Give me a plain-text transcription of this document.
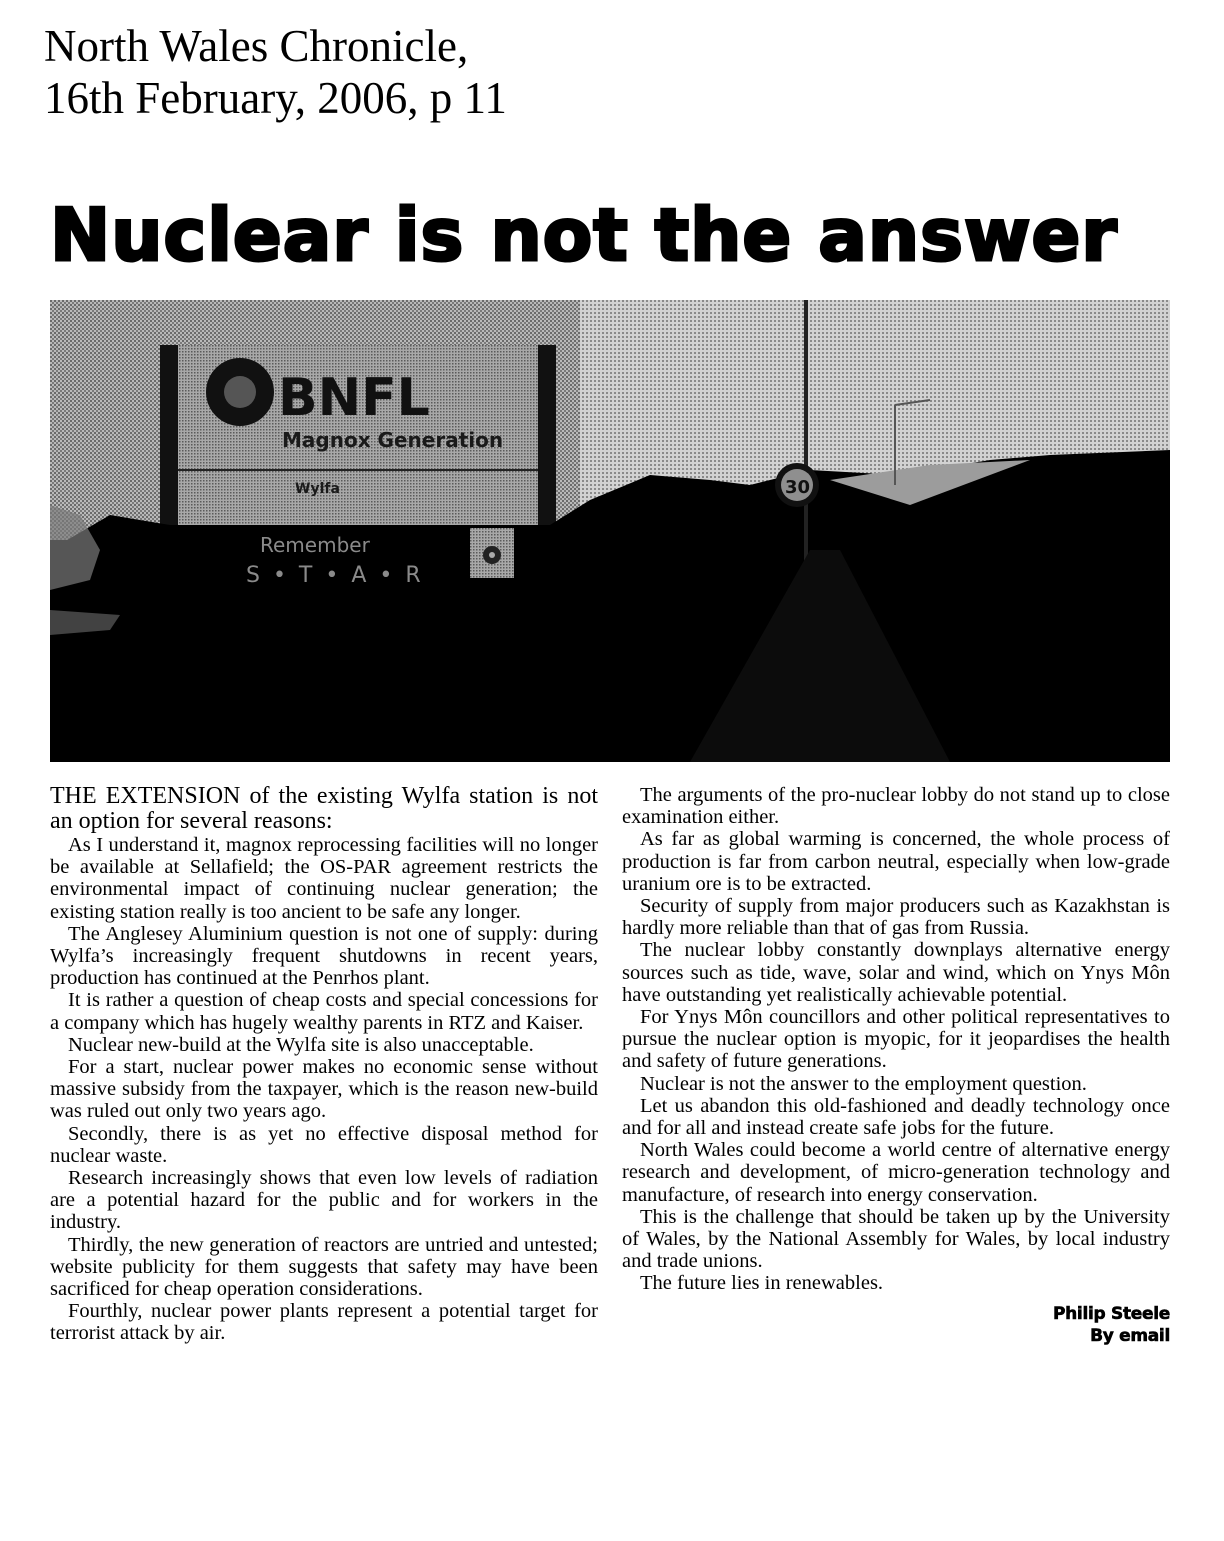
North Wales Chronicle,
16th February, 2006, p 11
Nuclear is not the answer
BNFL
Magnox Generation
Wylfa	30
Remember
S • T • A • R

THE EXTENSION of the existing Wylfa station is not an option for several reasons:

As I understand it, magnox reprocessing facilities will no longer be available at Sellafield; the OS-PAR agreement restricts the environmental impact of continuing nuclear generation; the existing station really is too ancient to be safe any longer.

The Anglesey Aluminium question is not one of supply: during Wylfa’s increasingly frequent shutdowns in recent years, production has continued at the Penrhos plant.

It is rather a question of cheap costs and special concessions for a company which has hugely wealthy parents in RTZ and Kaiser.

Nuclear new-build at the Wylfa site is also unacceptable.

For a start, nuclear power makes no economic sense without massive subsidy from the taxpayer, which is the reason new-build was ruled out only two years ago.

Secondly, there is as yet no effective disposal method for nuclear waste.

Research increasingly shows that even low levels of radiation are a potential hazard for the public and for workers in the industry.

Thirdly, the new generation of reactors are untried and untested; website publicity for them suggests that safety may have been sacrificed for cheap operation considerations.

Fourthly, nuclear power plants represent a potential target for terrorist attack by air.

The arguments of the pro-nuclear lobby do not stand up to close examination either.

As far as global warming is concerned, the whole process of production is far from carbon neutral, especially when low-grade uranium ore is to be extracted.

Security of supply from major producers such as Kazakhstan is hardly more reliable than that of gas from Russia.

The nuclear lobby constantly downplays alternative energy sources such as tide, wave, solar and wind, which on Ynys Môn have outstanding yet realistically achievable potential.

For Ynys Môn councillors and other political representatives to pursue the nuclear option is myopic, for it jeopardises the health and safety of future generations.

Nuclear is not the answer to the employment question.

Let us abandon this old-fashioned and deadly technology once and for all and instead create safe jobs for the future.

North Wales could become a world centre of alternative energy research and development, of micro-generation technology and manufacture, of research into energy conservation.

This is the challenge that should be taken up by the University of Wales, by the National Assembly for Wales, by local industry and trade unions.

The future lies in renewables.

Philip Steele
By email
